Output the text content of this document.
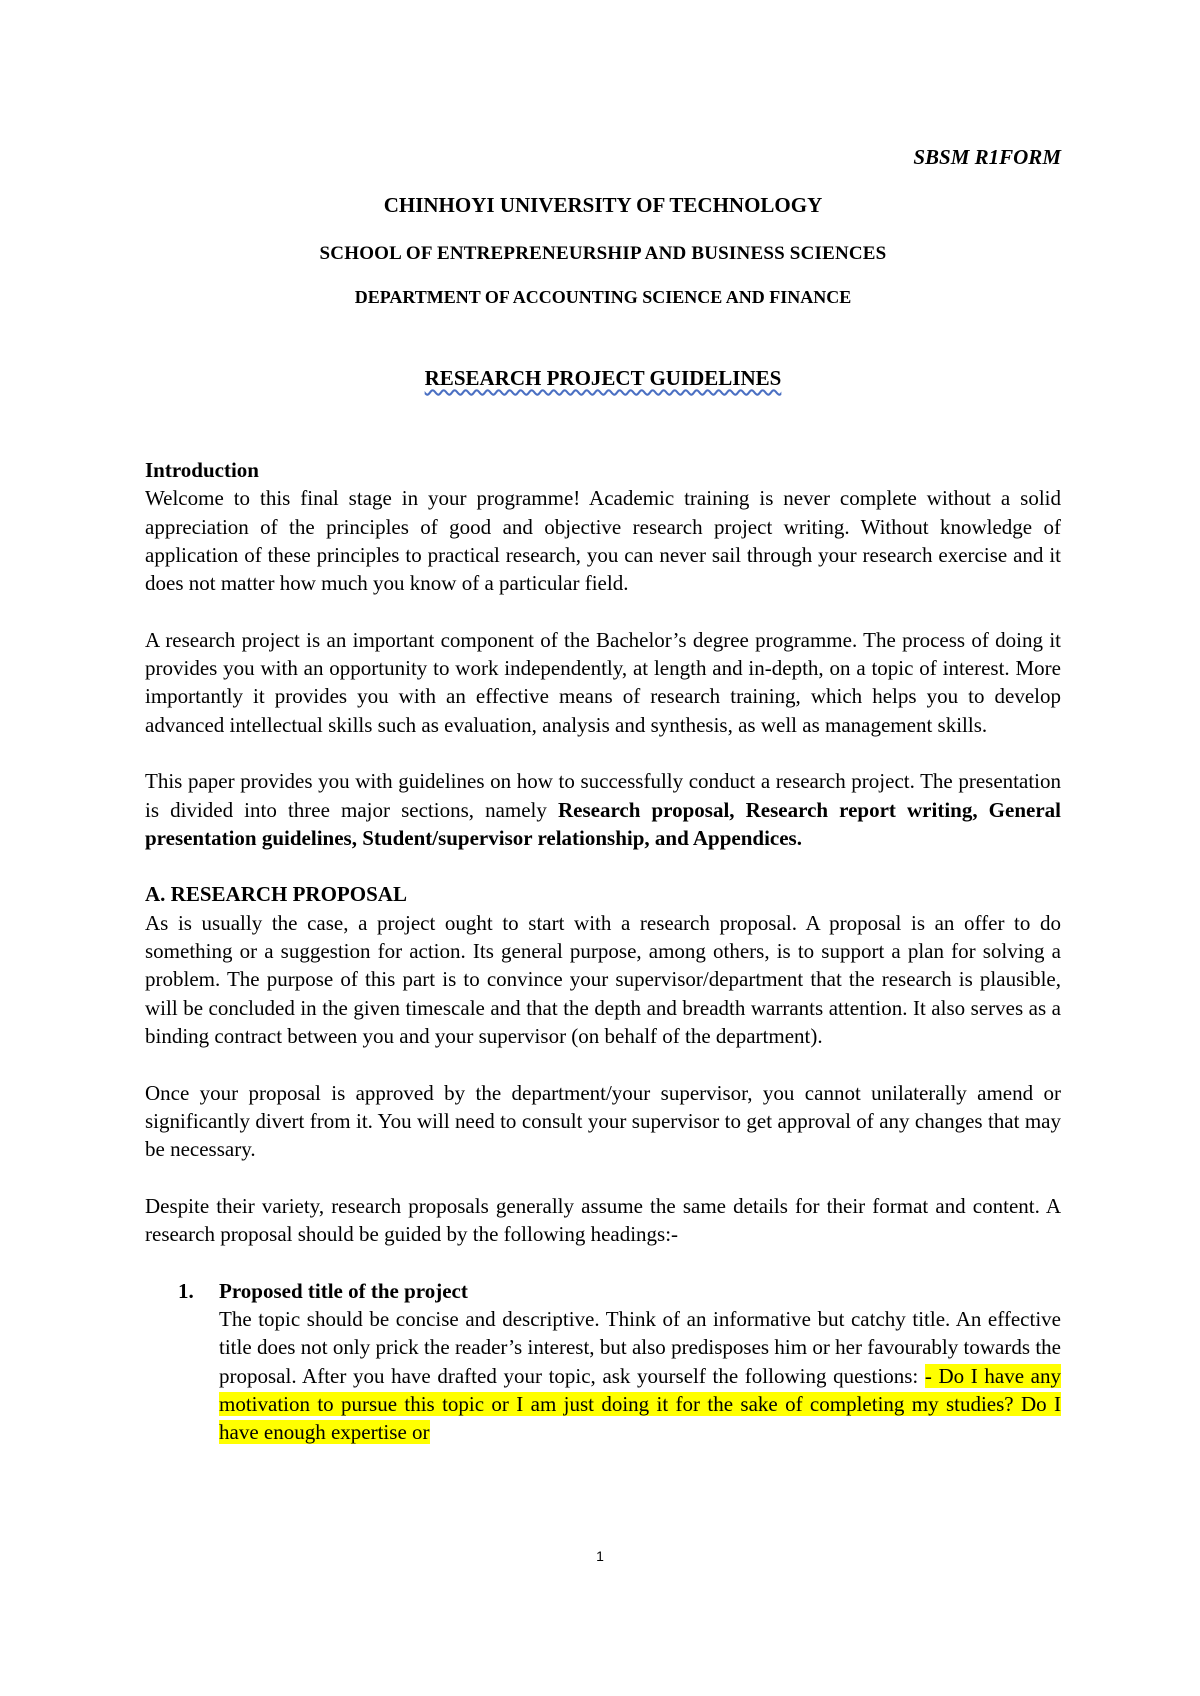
SBSM R1FORM
CHINHOYI UNIVERSITY OF TECHNOLOGY
SCHOOL OF ENTREPRENEURSHIP AND BUSINESS SCIENCES
DEPARTMENT OF ACCOUNTING SCIENCE AND FINANCE
RESEARCH PROJECT GUIDELINES

Introduction

Welcome to this final stage in your programme! Academic training is never complete without a solid appreciation of the principles of good and objective research project writing. Without knowledge of application of these principles to practical research, you can never sail through your research exercise and it does not matter how much you know of a particular field.

A research project is an important component of the Bachelor’s degree programme. The process of doing it provides you with an opportunity to work independently, at length and in-depth, on a topic of interest. More importantly it provides you with an effective means of research training, which helps you to develop advanced intellectual skills such as evaluation, analysis and synthesis, as well as management skills.

This paper provides you with guidelines on how to successfully conduct a research project. The presentation is divided into three major sections, namely Research proposal, Research report writing, General presentation guidelines, Student/supervisor relationship, and Appendices.

A. RESEARCH PROPOSAL

As is usually the case, a project ought to start with a research proposal. A proposal is an offer to do something or a suggestion for action. Its general purpose, among others, is to support a plan for solving a problem. The purpose of this part is to convince your supervisor/department that the research is plausible, will be concluded in the given timescale and that the depth and breadth warrants attention. It also serves as a binding contract between you and your supervisor (on behalf of the department).

Once your proposal is approved by the department/your supervisor, you cannot unilaterally amend or significantly divert from it. You will need to consult your supervisor to get approval of any changes that may be necessary.

Despite their variety, research proposals generally assume the same details for their format and content. A research proposal should be guided by the following headings:-

1. Proposed title of the project
The topic should be concise and descriptive. Think of an informative but catchy title. An effective title does not only prick the reader’s interest, but also predisposes him or her favourably towards the proposal. After you have drafted your topic, ask yourself the following questions: - Do I have any motivation to pursue this topic or I am just doing it for the sake of completing my studies? Do I have enough expertise or
1
